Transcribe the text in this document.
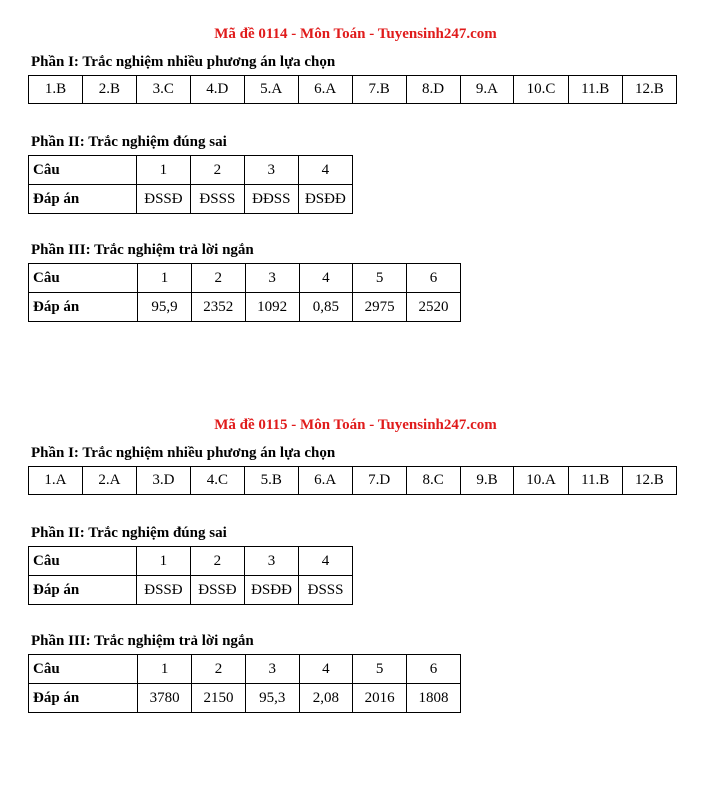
Mã đề 0114 - Môn Toán - Tuyensinh247.com
Phần I: Trắc nghiệm nhiều phương án lựa chọn
1.B	2.B	3.C	4.D	5.A	6.A	7.B	8.D	9.A	10.C	11.B	12.B
Phần II: Trắc nghiệm đúng sai
Câu	1	2	3	4
Đáp án	ĐSSĐ	ĐSSS	ĐĐSS	ĐSĐĐ
Phần III: Trắc nghiệm trả lời ngắn
Câu	1	2	3	4	5	6
Đáp án	95,9	2352	1092	0,85	2975	2520
Mã đề 0115 - Môn Toán - Tuyensinh247.com
Phần I: Trắc nghiệm nhiều phương án lựa chọn
1.A	2.A	3.D	4.C	5.B	6.A	7.D	8.C	9.B	10.A	11.B	12.B
Phần II: Trắc nghiệm đúng sai
Câu	1	2	3	4
Đáp án	ĐSSĐ	ĐSSĐ	ĐSĐĐ	ĐSSS
Phần III: Trắc nghiệm trả lời ngắn
Câu	1	2	3	4	5	6
Đáp án	3780	2150	95,3	2,08	2016	1808
